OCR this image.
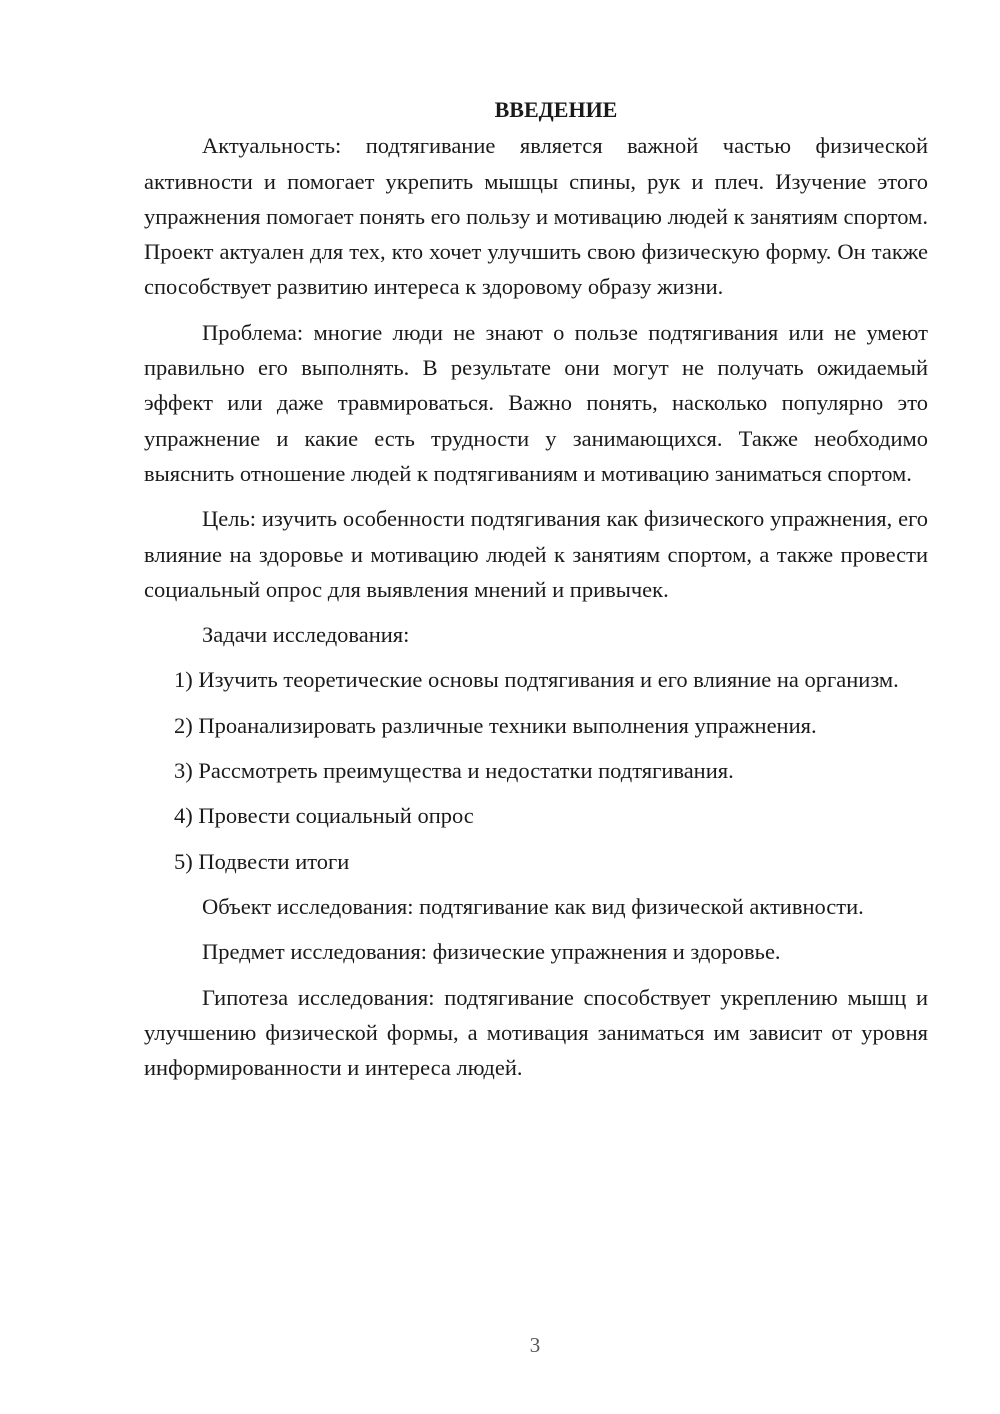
ВВЕДЕНИЕ

Актуальность: подтягивание является важной частью физической активности и помогает укрепить мышцы спины, рук и плеч. Изучение этого упражнения помогает понять его пользу и мотивацию людей к занятиям спортом. Проект актуален для тех, кто хочет улучшить свою физическую форму. Он также способствует развитию интереса к здоровому образу жизни.

Проблема: многие люди не знают о пользе подтягивания или не умеют правильно его выполнять. В результате они могут не получать ожидаемый эффект или даже травмироваться. Важно понять, насколько популярно это упражнение и какие есть трудности у занимающихся. Также необходимо выяснить отношение людей к подтягиваниям и мотивацию заниматься спортом.

Цель: изучить особенности подтягивания как физического упражнения, его влияние на здоровье и мотивацию людей к занятиям спортом, а также провести социальный опрос для выявления мнений и привычек.

Задачи исследования:

1) Изучить теоретические основы подтягивания и его влияние на организм.

2) Проанализировать различные техники выполнения упражнения.

3) Рассмотреть преимущества и недостатки подтягивания.

4) Провести социальный опрос

5) Подвести итоги

Объект исследования: подтягивание как вид физической активности.

Предмет исследования: физические упражнения и здоровье.

Гипотеза исследования: подтягивание способствует укреплению мышц и улучшению физической формы, а мотивация заниматься им зависит от уровня информированности и интереса людей.

3
